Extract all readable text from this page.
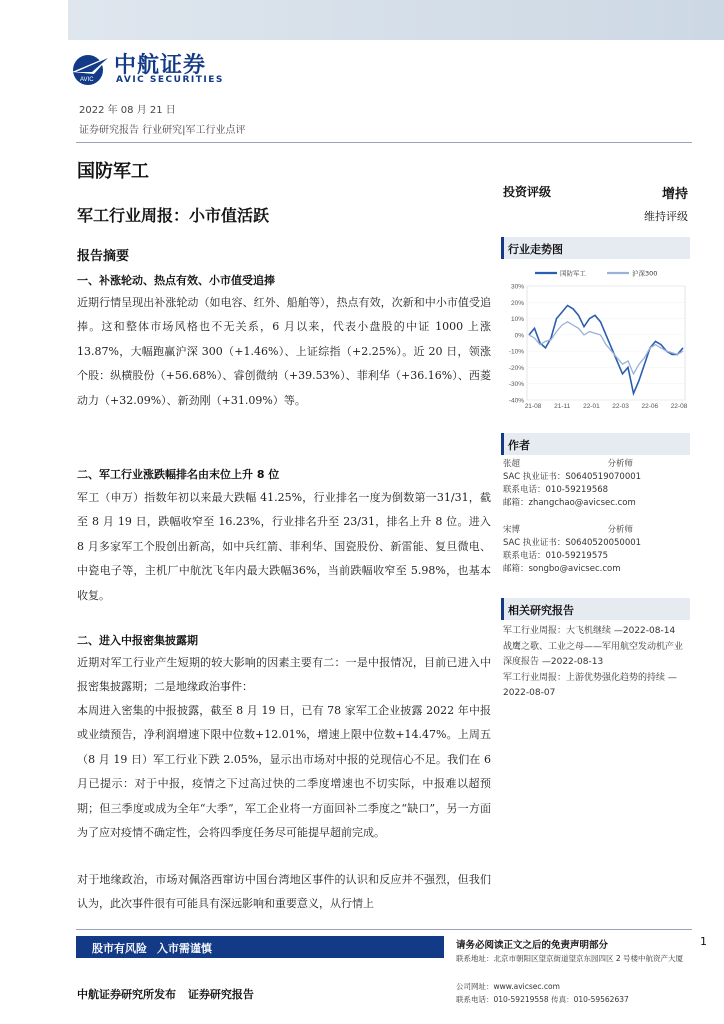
AVIC
中航证券
AVIC SECURITIES
2022 年 08 月 21 日
证券研究报告 行业研究|军工行业点评
国防军工
军工行业周报：小市值活跃
报告摘要
一、补涨轮动、热点有效、小市值受追捧
近期行情呈现出补涨轮动（如电容、红外、船舶等），热点有效，次新和中小市值受追捧。这和整体市场风格也不无关系，6 月以来，代表小盘股的中证 1000 上涨 13.87%，大幅跑赢沪深 300（+1.46%）、上证综指（+2.25%）。近 20 日，领涨个股：纵横股份（+56.68%）、睿创微纳（+39.53%）、菲利华（+36.16%）、西菱动力（+32.09%）、新劲刚（+31.09%）等。
二、军工行业涨跌幅排名由末位上升 8 位
军工（申万）指数年初以来最大跌幅 41.25%，行业排名一度为倒数第一31/31，截至 8 月 19 日，跌幅收窄至 16.23%，行业排名升至 23/31，排名上升 8 位。进入 8 月多家军工个股创出新高，如中兵红箭、菲利华、国瓷股份、新雷能、复旦微电、中瓷电子等，主机厂中航沈飞年内最大跌幅36%，当前跌幅收窄至 5.98%，也基本收复。
二、进入中报密集披露期
近期对军工行业产生短期的较大影响的因素主要有二：一是中报情况，目前已进入中报密集披露期；二是地缘政治事件：
本周进入密集的中报披露，截至 8 月 19 日，已有 78 家军工企业披露 2022 年中报或业绩预告，净利润增速下限中位数+12.01%，增速上限中位数+14.47%。上周五（8 月 19 日）军工行业下跌 2.05%，显示出市场对中报的兑现信心不足。我们在 6 月已提示：对于中报，疫情之下过高过快的二季度增速也不切实际，中报难以超预期；但三季度或成为全年“大季”，军工企业将一方面回补二季度之“缺口”，另一方面为了应对疫情不确定性，会将四季度任务尽可能提早超前完成。
对于地缘政治，市场对佩洛西窜访中国台湾地区事件的认识和反应并不强烈，但我们认为，此次事件很有可能具有深远影响和重要意义，从行情上
投资评级	增持
维持评级
行业走势图
30%
20%
10%
0%
-10%
-20%
-30%
-40%
21-08 21-11 22-01 22-03 22-06 22-08
国防军工	沪深300
作者
张超	分析师
SAC 执业证书：S0640519070001
联系电话：010-59219568
邮箱：zhangchao@avicsec.com
宋博	分析师
SAC 执业证书：S0640520050001
联系电话：010-59219575
邮箱：songbo@avicsec.com
相关研究报告
军工行业周报：大飞机继续 —2022-08-14
战鹰之歌、工业之母——军用航空发动机产业深度报告 —2022-08-13
军工行业周报：上游优势强化趋势的持续 —2022-08-07
股市有风险 入市需谨慎
中航证券研究所发布 证券研究报告
请务必阅读正文之后的免责声明部分
联系地址：北京市朝阳区望京街道望京东园四区 2 号楼中航资产大厦
公司网址：www.avicsec.com
联系电话：010-59219558 传真：010-59562637
1
